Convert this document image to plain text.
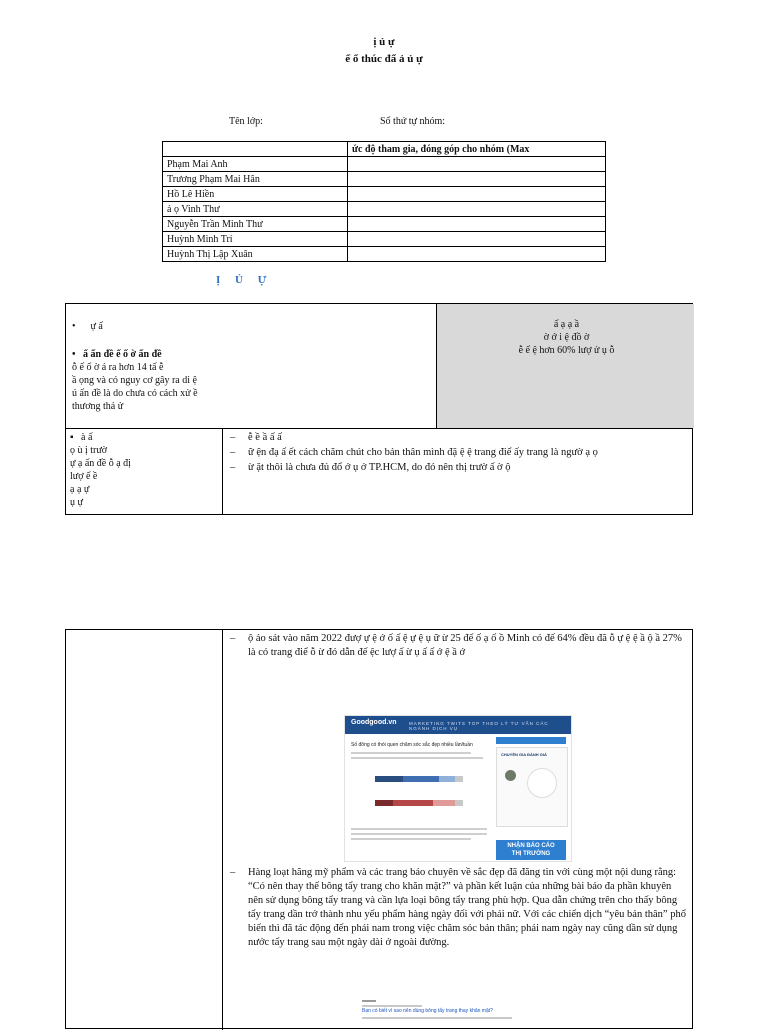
ị ủ ự
ế ố thúc đẩ ả ủ ự
Tên lớp:	Số thứ tự nhóm:
	ức độ tham gia, đóng góp cho nhóm (Max
Phạm Mai Anh	
Trương Phạm Mai Hân	
Hồ Lê Hiền	
ả ọ Vinh Thư	
Nguyễn Trần Minh Thư	
Huỳnh Minh Trí	
Huỳnh Thị Lập Xuân	
Ị Ủ Ự
•      ự ấ
•   ấ ấn đề ế ố ờ ấn đề
ỗ ế ố ờ á ra hơn 14 tấ ễ
ầ ọng và có nguy cơ gây ra di ệ
ú ấn đề là do chưa có cách xử ề
thương thả ử
ấ ạ ạ ầ
ờ ớ i ệ đồ ờ
ễ ế ệ hơn 60% lượ ử ụ ỗ
▪   à ấ
ọ ù ị trườ
ự ạ ấn đề ỗ ạ đị
lượ ế ề
ạ ạ ự
ụ ự
– ễ ề ầ ấ ấ
– ữ ện đạ ấ ết cách chăm chút cho bản thân mình đặ ệ ệ trang điể ấy trang là ngườ ạ ọ
– ừ ặt thôi là chưa đủ đổ ớ ụ ở TP.HCM, do đó nên thị trườ ấ ờ ộ
– ộ ảo sát vào năm 2022 đượ ự ệ ớ ố ấ ệ ự ệ ụ ữ ừ 25 đế ố ạ ố ồ Minh có đế 64% đều đã ỗ ự ệ ệ ầ ộ ầ 27% là có trang điể ỗ ừ đó dẫn đế ệc lượ ấ ừ ụ ấ ấ ớ ệ ầ ớ
Goodgood.vn	MARKETING TWITS TOP THEO LÝ TƯ VẤN CÁC NGÀNH DỊCH VỤ
Số đông có thói quen chăm sóc sắc đẹp nhiều lần/tuần
CHUYÊN GIA ĐÁNH GIÁ
NHẬN BÁO CÁO
THỊ TRƯỜNG
– Hàng loạt hãng mỹ phẩm và các trang báo chuyên về sắc đẹp đã đăng tin với cùng một nội dung rằng: “Có nên thay thế bông tẩy trang cho khăn mặt?” và phần kết luận của những bài báo đa phần khuyên nên sử dụng bông tẩy trang và cần lựa loại bông tẩy trang phù hợp. Qua dẫn chứng trên cho thấy bông tẩy trang dần trở thành nhu yếu phẩm hàng ngày đối với phái nữ. Với các chiến dịch “yêu bản thân” phổ biến thì đã tác động đến phái nam trong việc chăm sóc bản thân; phái nam ngày nay cũng dần sử dụng nước tẩy trang sau một ngày dài ở ngoài đường.
Bạn có biết vì sao nên dùng bông tẩy trang thay khăn mặt?
